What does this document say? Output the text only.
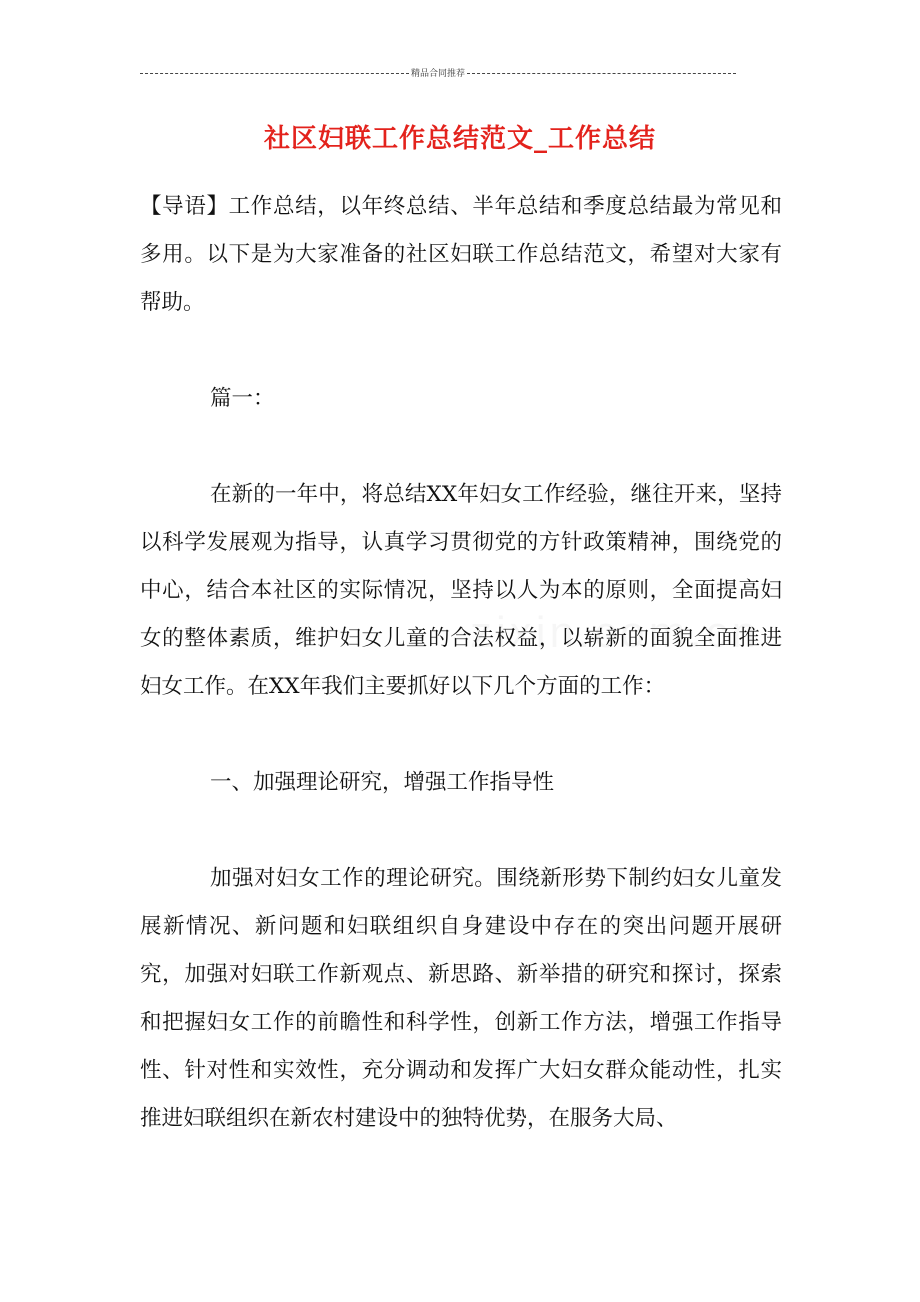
精品合同推荐
社区妇联工作总结范文_工作总结

【导语】工作总结，以年终总结、半年总结和季度总结最为常见和多用。以下是为大家准备的社区妇联工作总结范文，希望对大家有帮助。

篇一：

在新的一年中，将总结XX年妇女工作经验，继往开来，坚持以科学发展观为指导，认真学习贯彻党的方针政策精神，围绕党的中心，结合本社区的实际情况，坚持以人为本的原则，全面提高妇女的整体素质，维护妇女儿童的合法权益，以崭新的面貌全面推进妇女工作。在XX年我们主要抓好以下几个方面的工作：

一、加强理论研究，增强工作指导性

加强对妇女工作的理论研究。围绕新形势下制约妇女儿童发展新情况、新问题和妇联组织自身建设中存在的突出问题开展研究，加强对妇联工作新观点、新思路、新举措的研究和探讨，探索和把握妇女工作的前瞻性和科学性，创新工作方法，增强工作指导性、针对性和实效性，充分调动和发挥广大妇女群众能动性，扎实推进妇联组织在新农村建设中的独特优势，在服务大局、
